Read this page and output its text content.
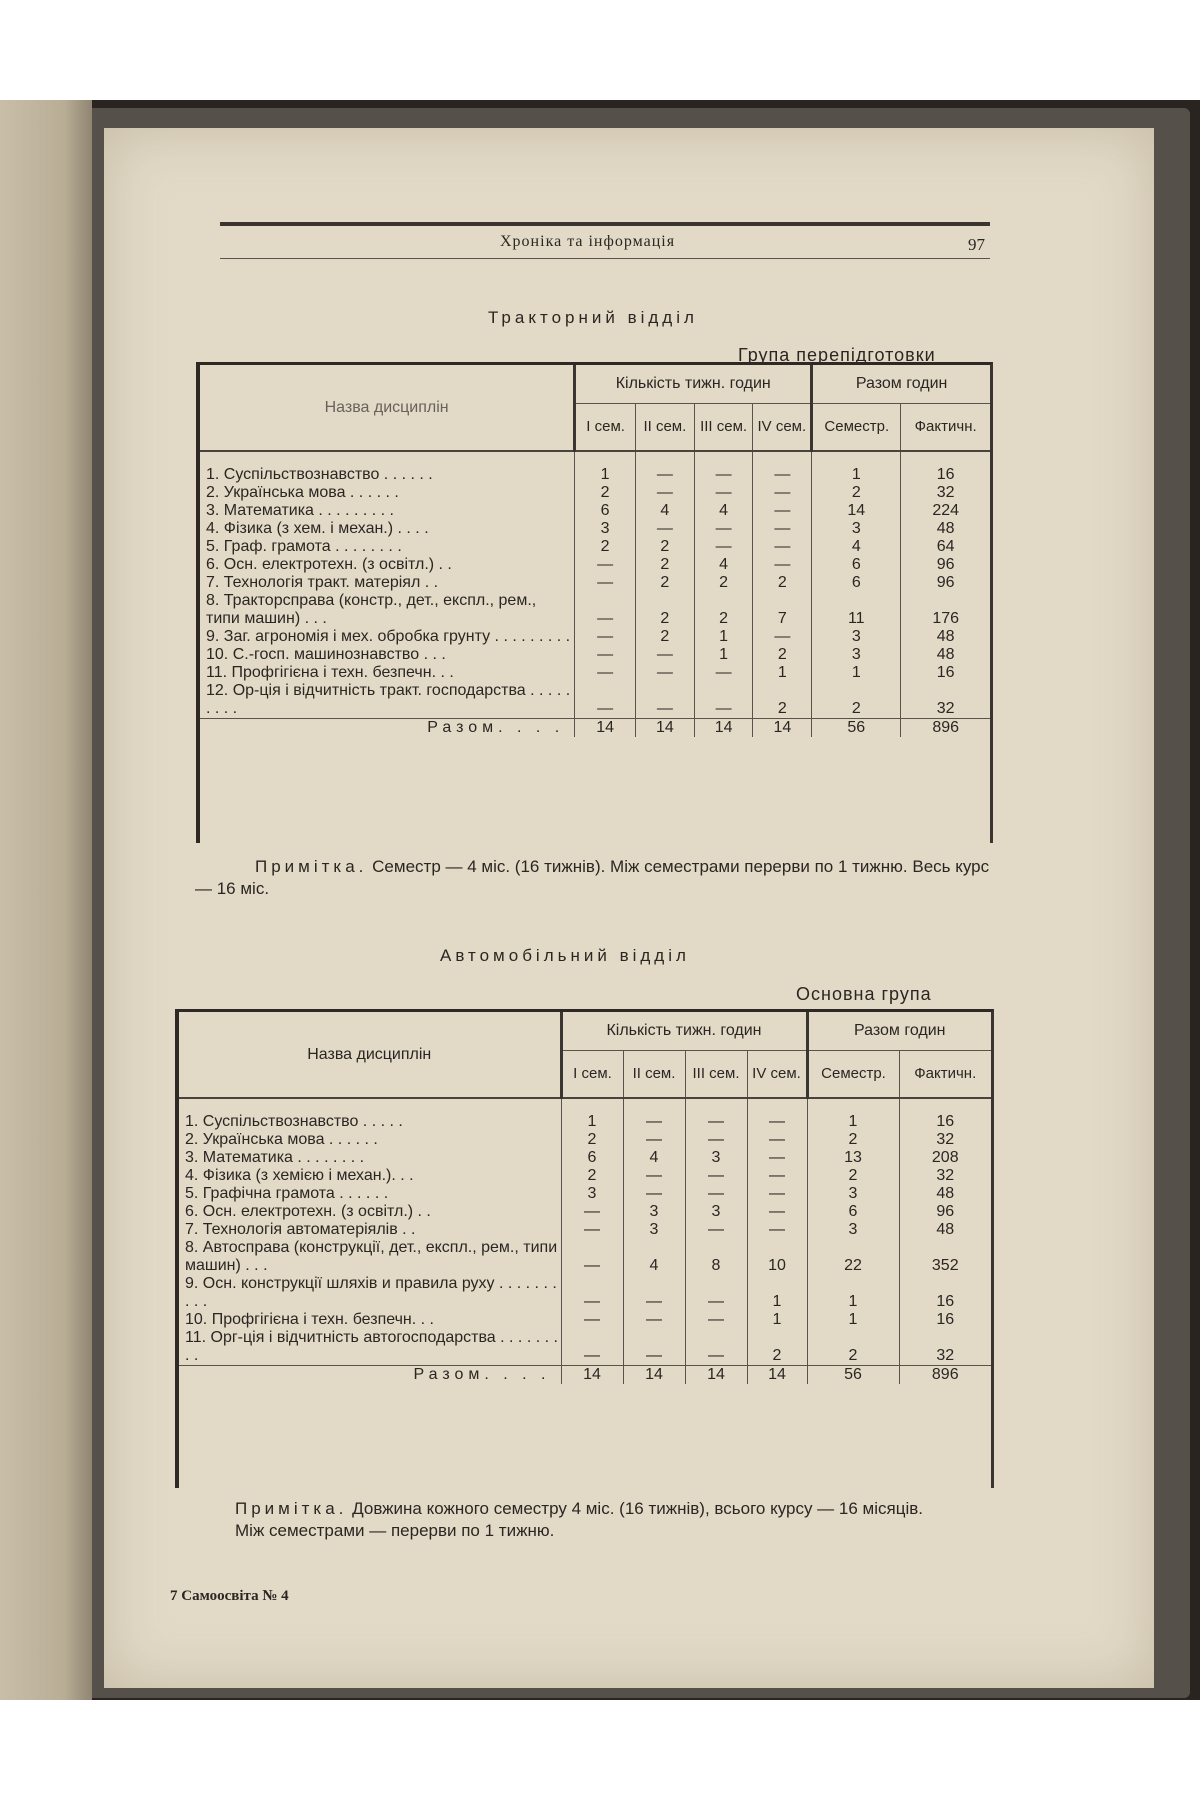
Хроніка та інформація	97
Тракторний відділ
Група перепідготовки
Назва дисциплін	Кількість тижн. годин				Разом годин	
	I сем.	II сем.	III сем.	IV сем.	Семестр.	Фактичн.
1. Суспільствознавство . . . . . .	1	—	—	—	1	16
2. Українська мова . . . . . .	2	—	—	—	2	32
3. Математика . . . . . . . . .	6	4	4	—	14	224
4. Фізика (з хем. і механ.) . . . .	3	—	—	—	3	48
5. Граф. грамота . . . . . . . .	2	2	—	—	4	64
6. Осн. електротехн. (з освітл.) . .	—	2	4	—	6	96
7. Технологія тракт. матеріял . .	—	2	2	2	6	96
8. Тракторсправа (констр., дет., експл., рем., типи машин) . . .	—	2	2	7	11	176
9. Заг. агрономія і мех. обробка грунту . . . . . . . . .	—	2	1	—	3	48
10. С.-госп. машинознавство . . .	—	—	1	2	3	48
11. Профгігієна і техн. безпечн. . .	—	—	—	1	1	16
12. Ор-ція і відчитність тракт. господарства . . . . . . . . .	—	—	—	2	2	32
Разом. . . .	14	14	14	14	56	896
Примітка. Семестр — 4 міс. (16 тижнів). Між семестрами перерви по 1 тижню. Весь курс — 16 міс.
Автомобільний відділ
Основна група
Назва дисциплін	Кількість тижн. годин				Разом годин	
	I сем.	II сем.	III сем.	IV сем.	Семестр.	Фактичн.
1. Суспільствознавство . . . . .	1	—	—	—	1	16
2. Українська мова . . . . . .	2	—	—	—	2	32
3. Математика . . . . . . . .	6	4	3	—	13	208
4. Фізика (з хемією і механ.). . .	2	—	—	—	2	32
5. Графічна грамота . . . . . .	3	—	—	—	3	48
6. Осн. електротехн. (з освітл.) . .	—	3	3	—	6	96
7. Технологія автоматеріялів . .	—	3	—	—	3	48
8. Автосправа (конструкції, дет., експл., рем., типи машин) . . .	—	4	8	10	22	352
9. Осн. конструкції шляхів и правила руху . . . . . . . . . .	—	—	—	1	1	16
10. Профгігієна і техн. безпечн. . .	—	—	—	1	1	16
11. Орг-ція і відчитність автогосподарства . . . . . . . . .	—	—	—	2	2	32
Разом. . . .	14	14	14	14	56	896
Примітка. Довжина кожного семестру 4 міс. (16 тижнів), всього курсу — 16 місяців.
Між семестрами — перерви по 1 тижню.
7 Самоосвіта № 4
